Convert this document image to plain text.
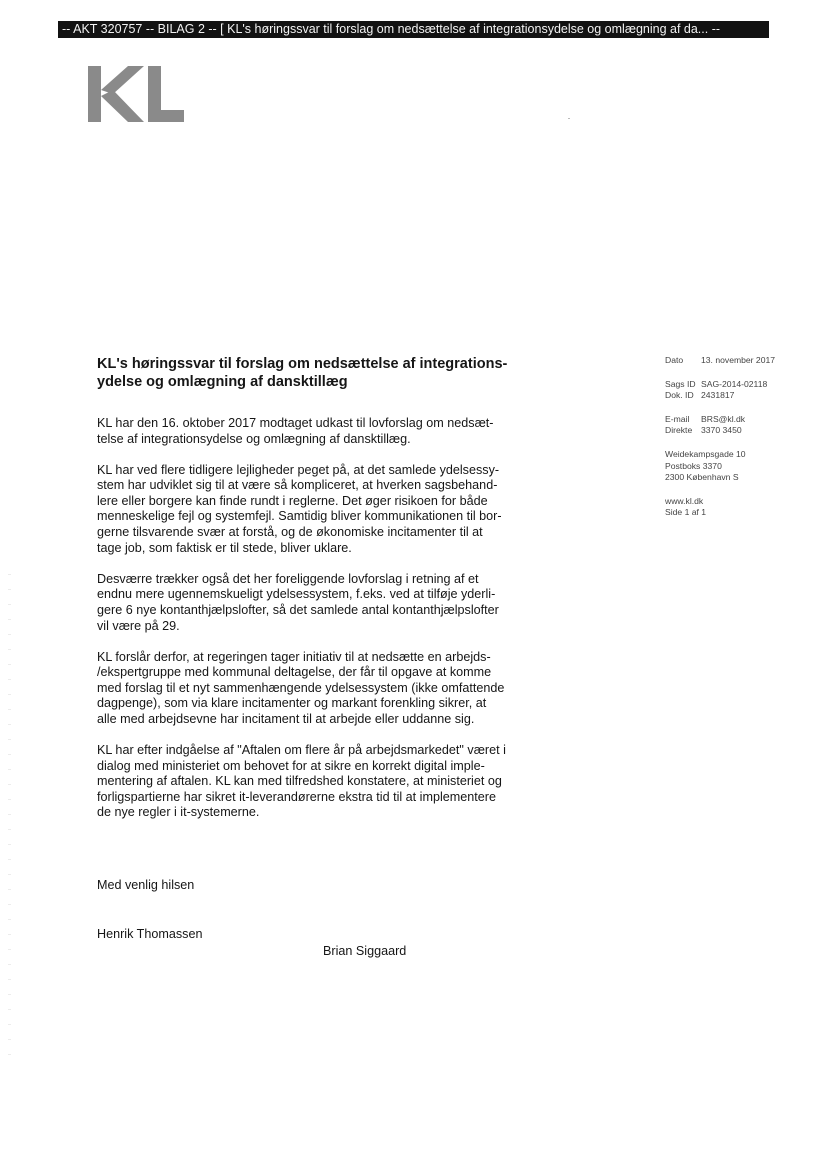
-- AKT 320757 -- BILAG 2 -- [ KL's høringssvar til forslag om nedsættelse af integrationsydelse og omlægning af da... --
KL's høringssvar til forslag om nedsættelse af integrations-
ydelse og omlægning af dansktillæg

KL har den 16. oktober 2017 modtaget udkast til lovforslag om nedsæt-
telse af integrationsydelse og omlægning af dansktillæg.

KL har ved flere tidligere lejligheder peget på, at det samlede ydelsessy-
stem har udviklet sig til at være så kompliceret, at hverken sagsbehand-
lere eller borgere kan finde rundt i reglerne. Det øger risikoen for både
menneskelige fejl og systemfejl. Samtidig bliver kommunikationen til bor-
gerne tilsvarende svær at forstå, og de økonomiske incitamenter til at
tage job, som faktisk er til stede, bliver uklare.

Desværre trækker også det her foreliggende lovforslag i retning af et
endnu mere ugennemskueligt ydelsessystem, f.eks. ved at tilføje yderli-
gere 6 nye kontanthjælpslofter, så det samlede antal kontanthjælpslofter
vil være på 29.

KL forslår derfor, at regeringen tager initiativ til at nedsætte en arbejds-
/ekspertgruppe med kommunal deltagelse, der får til opgave at komme
med forslag til et nyt sammenhængende ydelsessystem (ikke omfattende
dagpenge), som via klare incitamenter og markant forenkling sikrer, at
alle med arbejdsevne har incitament til at arbejde eller uddanne sig.

KL har efter indgåelse af "Aftalen om flere år på arbejdsmarkedet" været i
dialog med ministeriet om behovet for at sikre en korrekt digital imple-
mentering af aftalen. KL kan med tilfredshed konstatere, at ministeriet og
forligspartierne har sikret it-leverandørerne ekstra tid til at implementere
de nye regler i it-systemerne.

Med venlig hilsen
Henrik Thomassen
Brian Siggaard
Dato 13. november 2017
Sags ID SAG-2014-02118
Dok. ID 2431817
E-mail BRS@kl.dk
Direkte 3370 3450
Weidekampsgade 10
Postboks 3370
2300 København S
www.kl.dk
Side 1 af 1
